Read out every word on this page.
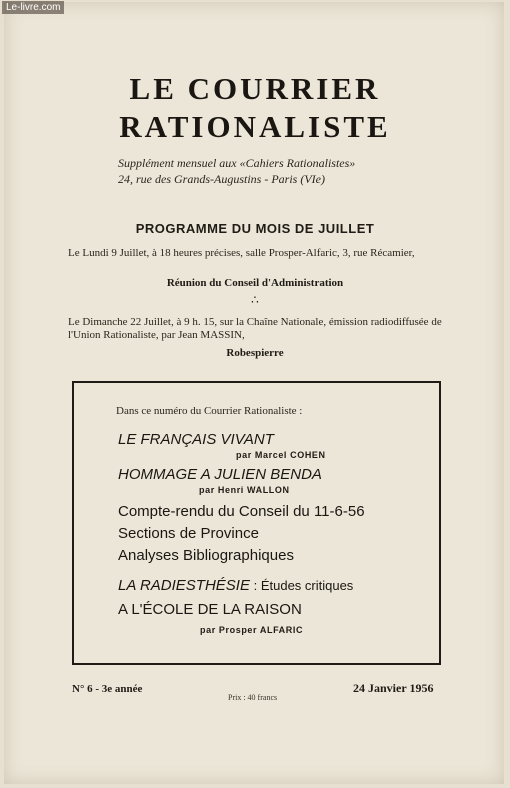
Le-livre.com
LE COURRIER
RATIONALISTE
Supplément mensuel aux «Cahiers Rationalistes»
24, rue des Grands-Augustins - Paris (VIe)
PROGRAMME DU MOIS DE JUILLET
Le Lundi 9 Juillet, à 18 heures précises, salle Prosper-Alfaric, 3, rue Récamier,
Réunion du Conseil d'Administration
∴
Le Dimanche 22 Juillet, à 9 h. 15, sur la Chaîne Nationale, émission radiodiffusée de l'Union Rationaliste, par Jean MASSIN,
Robespierre
Dans ce numéro du Courrier Rationaliste :
LE FRANÇAIS VIVANT
par Marcel COHEN
HOMMAGE A JULIEN BENDA
par Henri WALLON
Compte-rendu du Conseil du 11-6-56
Sections de Province
Analyses Bibliographiques
LA RADIESTHÉSIE : Études critiques
A L'ÉCOLE DE LA RAISON
par Prosper ALFARIC
N° 6 - 3e année
Prix : 40 francs
24 Janvier 1956
